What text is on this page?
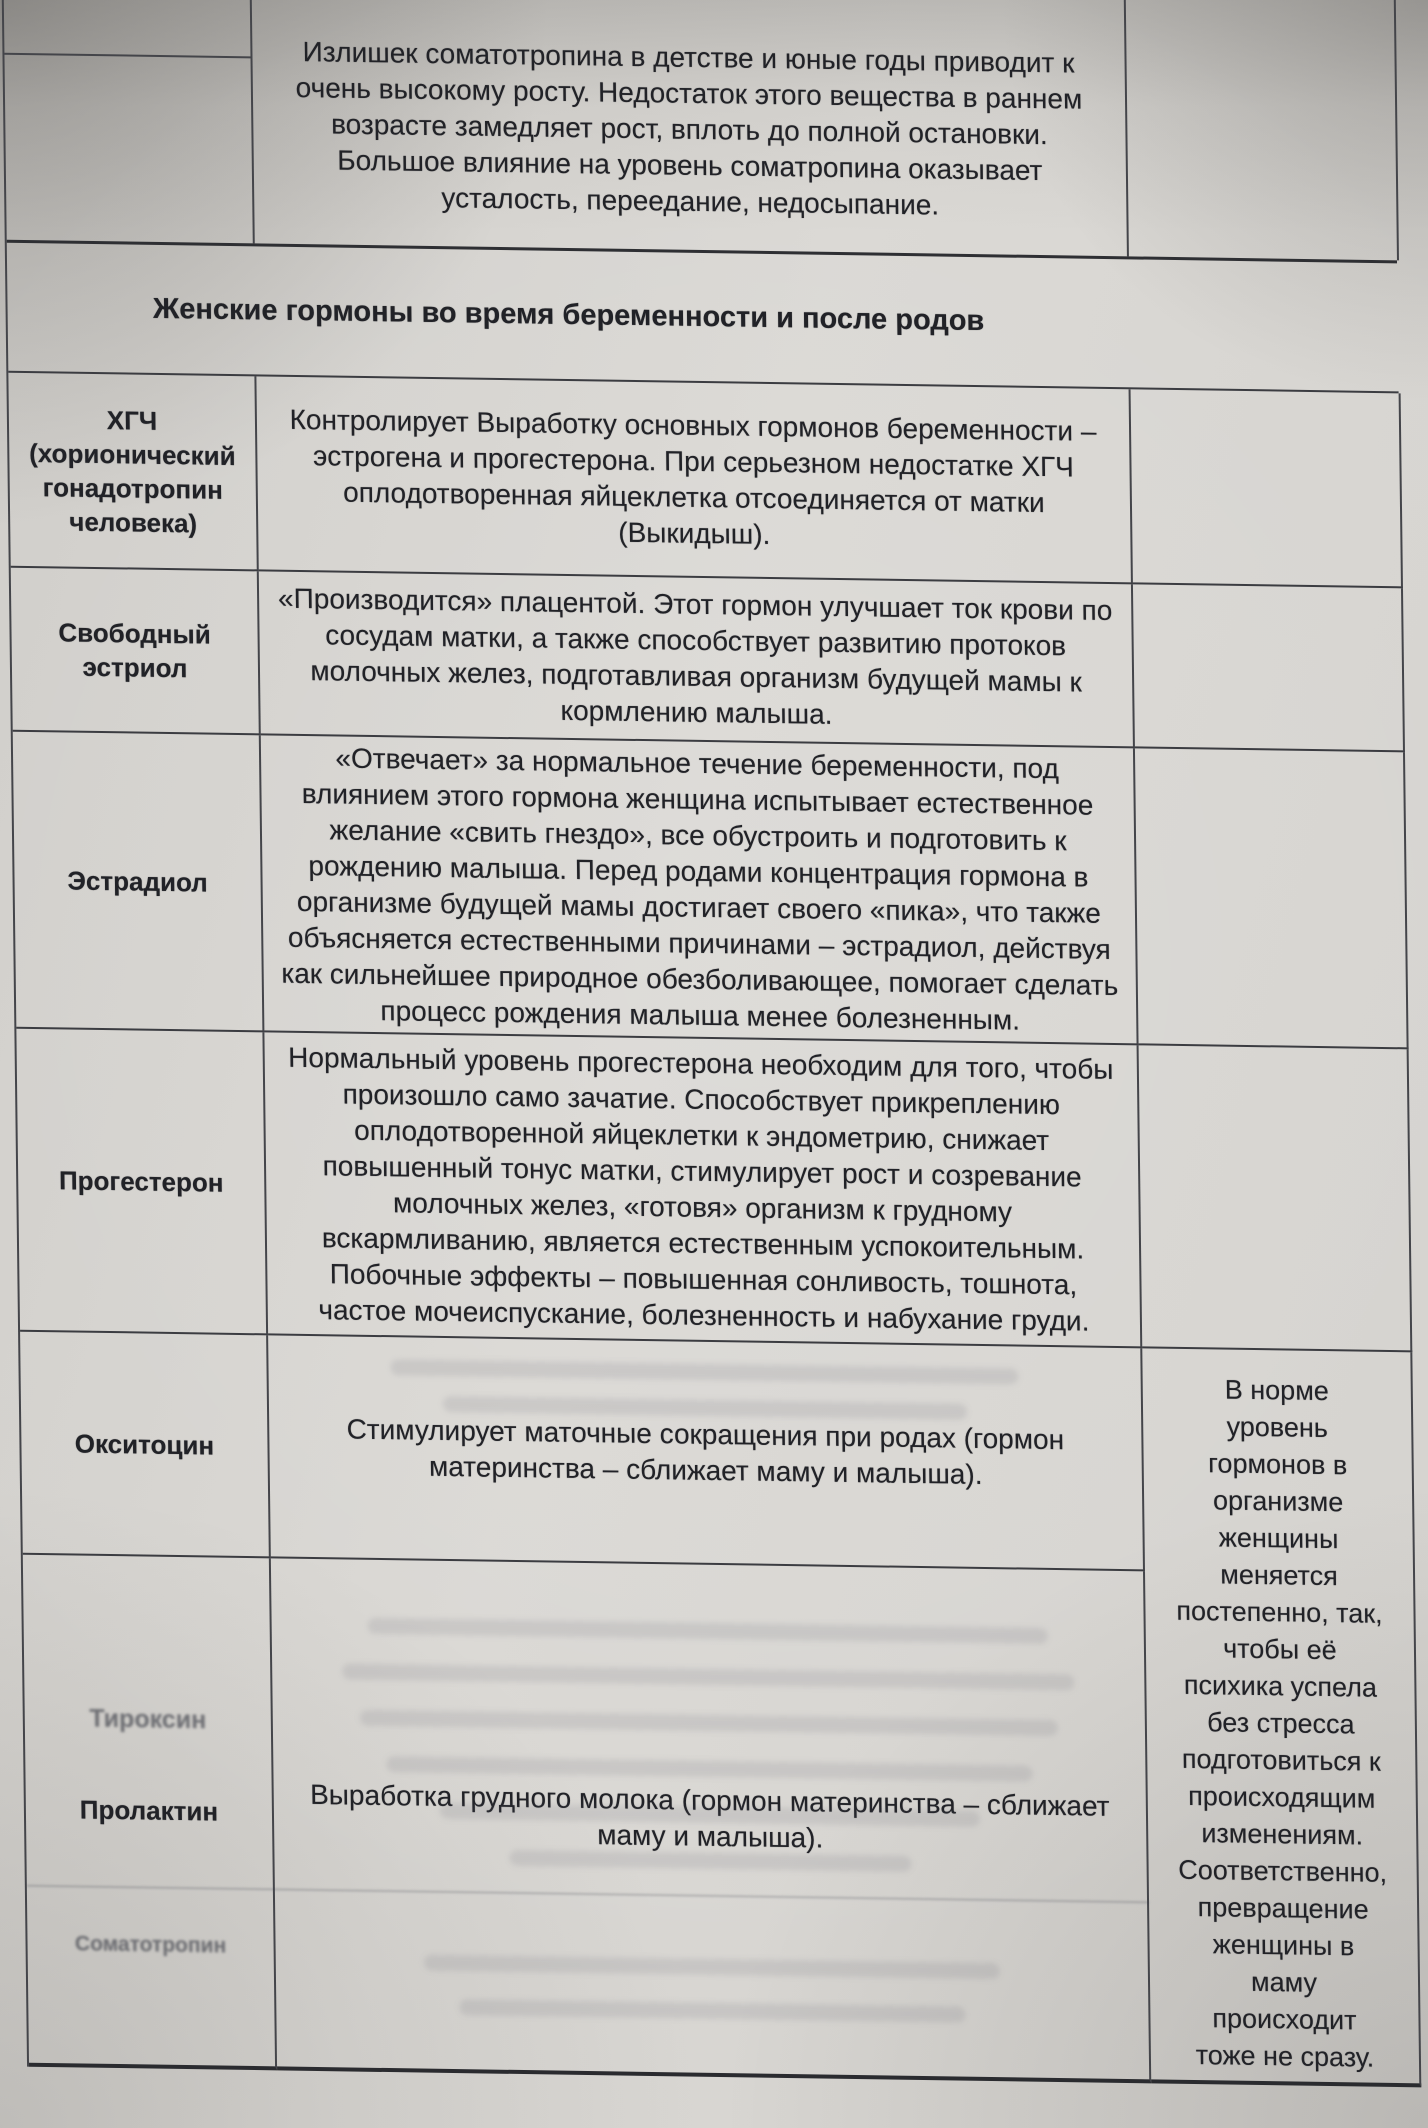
Излишек соматотропина в детстве и юные годы приводит к очень высокому росту. Недостаток этого вещества в раннем возрасте замедляет рост, вплоть до полной остановки. Большое влияние на уровень соматропина оказывает усталость, переедание, недосыпание.
Женские гормоны во время беременности и после родов
ХГЧ
(хорионический
гонадотропин
человека)
Контролирует Выработку основных гормонов беременности – эстрогена и прогестерона. При серьезном недостатке ХГЧ оплодотворенная яйцеклетка отсоединяется от матки (Выкидыш).
Свободный
эстриол
«Производится» плацентой. Этот гормон улучшает ток крови по сосудам матки, а также способствует развитию протоков молочных желез, подготавливая организм будущей мамы к кормлению малыша.
Эстрадиол
«Отвечает» за нормальное течение беременности, под влиянием этого гормона женщина испытывает естественное желание «свить гнездо», все обустроить и подготовить к рождению малыша. Перед родами концентрация гормона в организме будущей мамы достигает своего «пика», что также объясняется естественными причинами – эстрадиол, действуя как сильнейшее природное обезболивающее, помогает сделать процесс рождения малыша менее болезненным.
Прогестерон
Нормальный уровень прогестерона необходим для того, чтобы произошло само зачатие. Способствует прикреплению оплодотворенной яйцеклетки к эндометрию, снижает повышенный тонус матки, стимулирует рост и созревание молочных желез, «готовя» организм к грудному вскармливанию, является естественным успокоительным. Побочные эффекты – повышенная сонливость, тошнота, частое мочеиспускание, болезненность и набухание груди.
Окситоцин	Стимулирует маточные сокращения при родах (гормон материнства – сближает маму и малыша).
Тироксин
Соматотропин
Пролактин	Выработка грудного молока (гормон материнства – сближает маму и малыша).
В норме
уровень
гормонов в
организме
женщины
меняется
постепенно, так,
чтобы её
психика успела
без стресса
подготовиться к
происходящим
изменениям.
Соответственно,
превращение
женщины в
маму
происходит
тоже не сразу.
